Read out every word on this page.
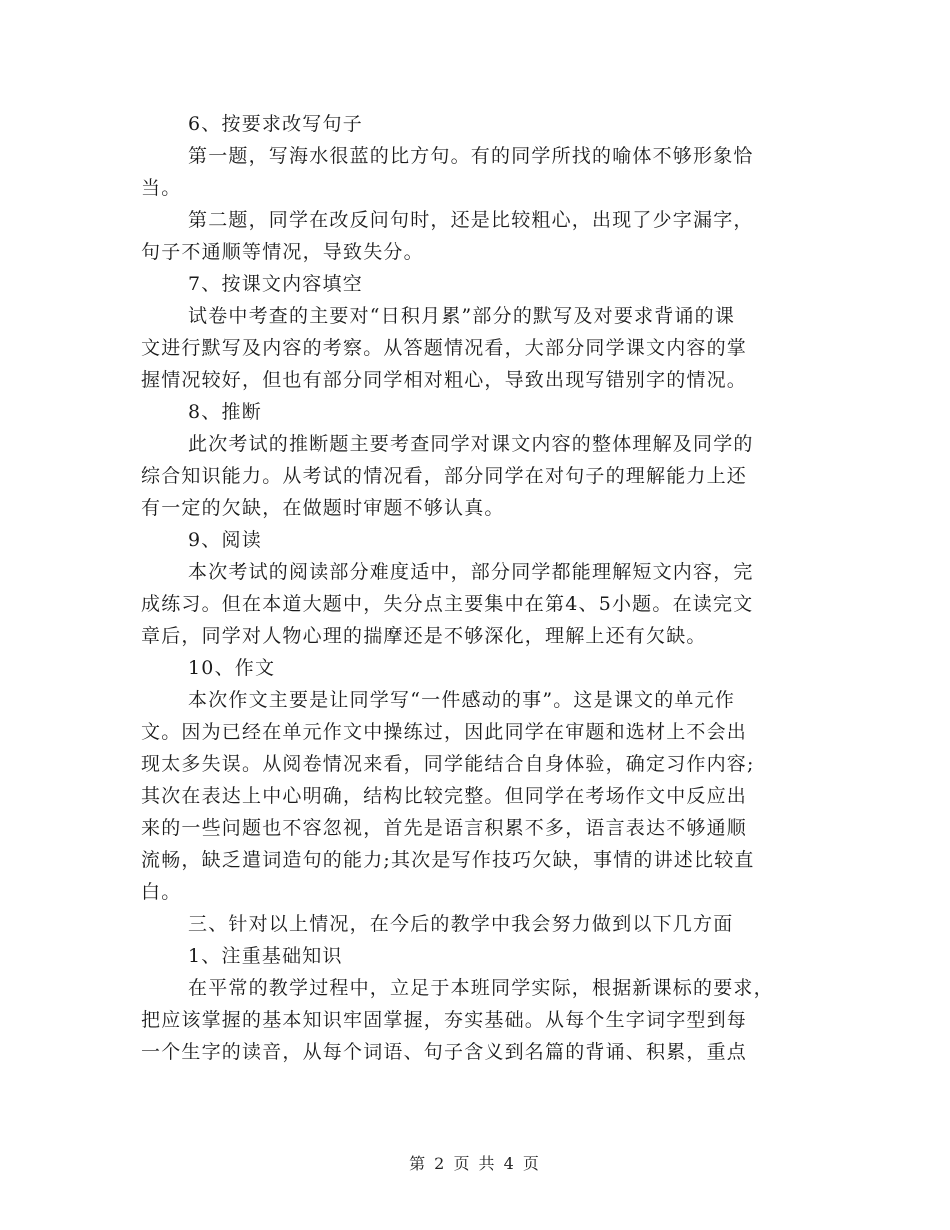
6、按要求改写句子
第一题，写海水很蓝的比方句。有的同学所找的喻体不够形象恰
当。
第二题，同学在改反问句时，还是比较粗心，出现了少字漏字，
句子不通顺等情况，导致失分。
7、按课文内容填空
试卷中考查的主要对“日积月累”部分的默写及对要求背诵的课
文进行默写及内容的考察。从答题情况看，大部分同学课文内容的掌
握情况较好，但也有部分同学相对粗心，导致出现写错别字的情况。
8、推断
此次考试的推断题主要考查同学对课文内容的整体理解及同学的
综合知识能力。从考试的情况看，部分同学在对句子的理解能力上还
有一定的欠缺，在做题时审题不够认真。
9、阅读
本次考试的阅读部分难度适中，部分同学都能理解短文内容，完
成练习。但在本道大题中，失分点主要集中在第4、5小题。在读完文
章后，同学对人物心理的揣摩还是不够深化，理解上还有欠缺。
10、作文
本次作文主要是让同学写“一件感动的事”。这是课文的单元作
文。因为已经在单元作文中操练过，因此同学在审题和选材上不会出
现太多失误。从阅卷情况来看，同学能结合自身体验，确定习作内容;
其次在表达上中心明确，结构比较完整。但同学在考场作文中反应出
来的一些问题也不容忽视，首先是语言积累不多，语言表达不够通顺
流畅，缺乏遣词造句的能力;其次是写作技巧欠缺，事情的讲述比较直
白。
三、针对以上情况，在今后的教学中我会努力做到以下几方面
1、注重基础知识
在平常的教学过程中，立足于本班同学实际，根据新课标的要求，
把应该掌握的基本知识牢固掌握，夯实基础。从每个生字词字型到每
一个生字的读音，从每个词语、句子含义到名篇的背诵、积累，重点
第 2 页 共 4 页
